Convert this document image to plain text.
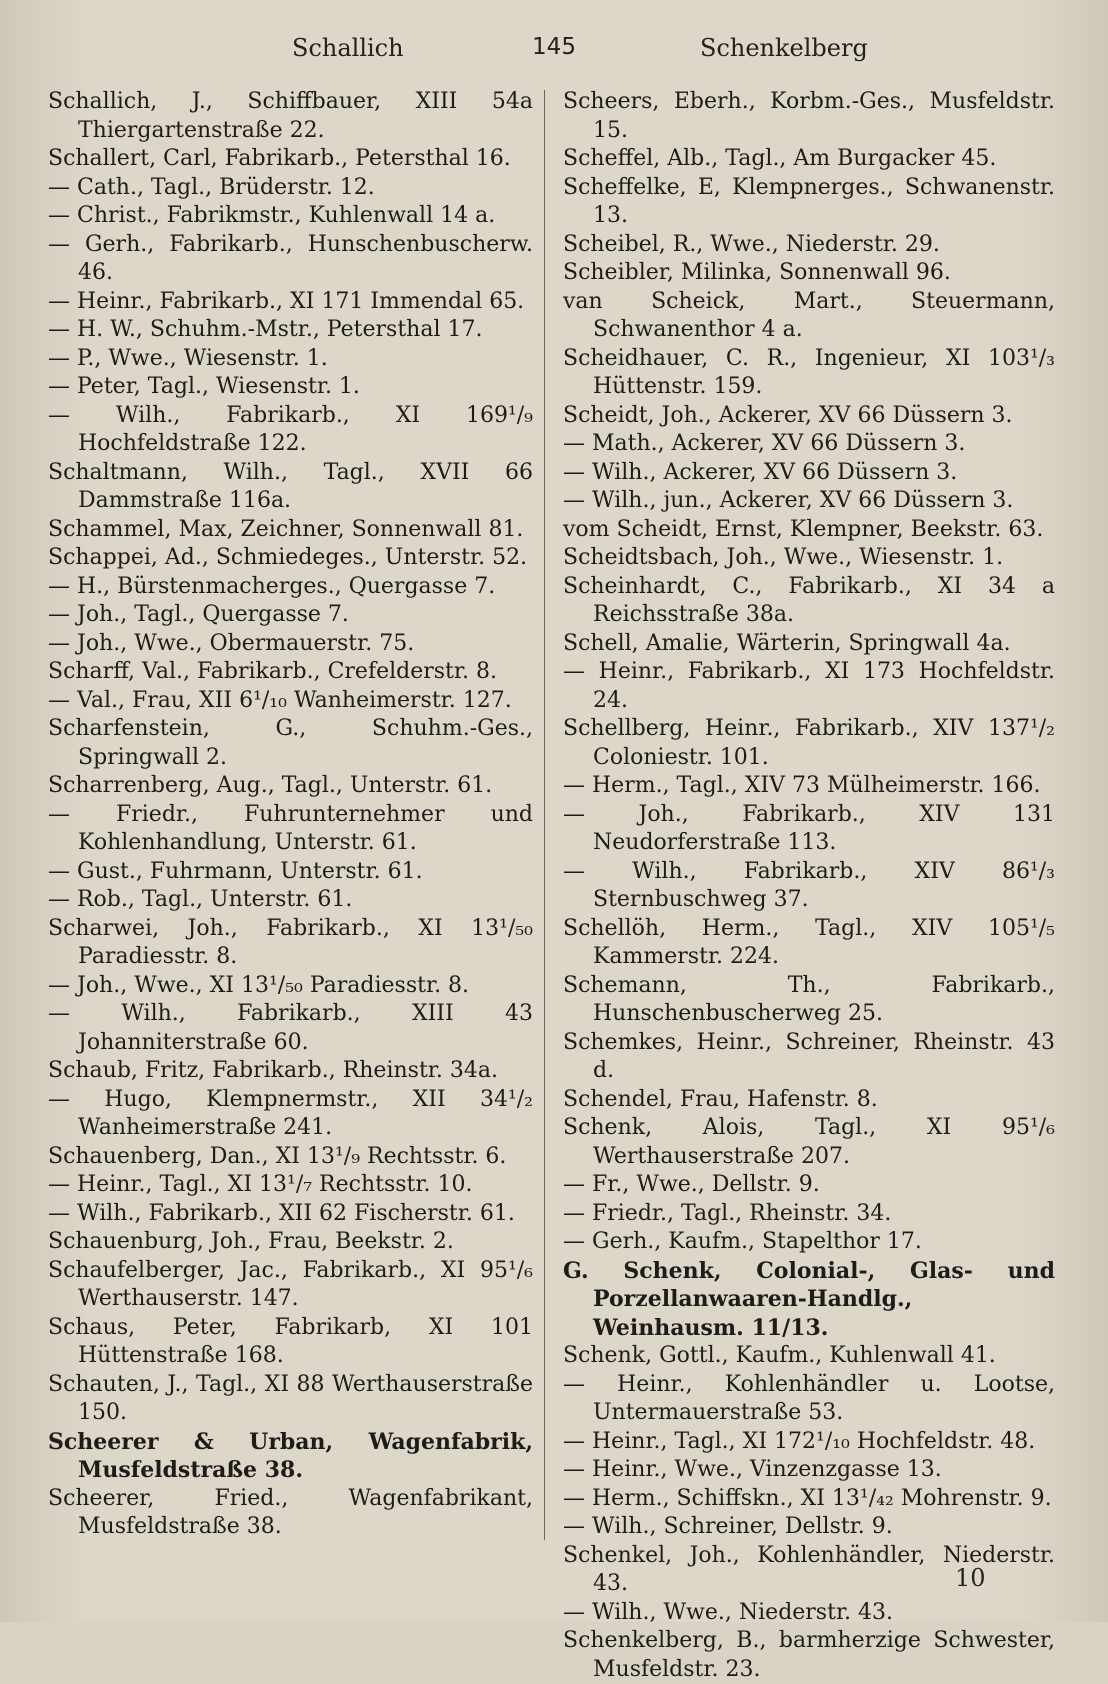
Schallich	145	Schenkelberg

Schallich, J., Schiffbauer, XIII 54a Thiergartenstraße 22.

Schallert, Carl, Fabrikarb., Petersthal 16.

— Cath., Tagl., Brüderstr. 12.

— Christ., Fabrikmstr., Kuhlenwall 14 a.

— Gerh., Fabrikarb., Hunschenbuscherw. 46.

— Heinr., Fabrikarb., XI 171 Immendal 65.

— H. W., Schuhm.-Mstr., Petersthal 17.

— P., Wwe., Wiesenstr. 1.

— Peter, Tagl., Wiesenstr. 1.

— Wilh., Fabrikarb., XI 169¹/₉ Hochfeldstraße 122.

Schaltmann, Wilh., Tagl., XVII 66 Dammstraße 116a.

Schammel, Max, Zeichner, Sonnenwall 81.

Schappei, Ad., Schmiedeges., Unterstr. 52.

— H., Bürstenmacherges., Quergasse 7.

— Joh., Tagl., Quergasse 7.

— Joh., Wwe., Obermauerstr. 75.

Scharff, Val., Fabrikarb., Crefelderstr. 8.

— Val., Frau, XII 6¹/₁₀ Wanheimerstr. 127.

Scharfenstein, G., Schuhm.-Ges., Springwall 2.

Scharrenberg, Aug., Tagl., Unterstr. 61.

— Friedr., Fuhrunternehmer und Kohlenhandlung, Unterstr. 61.

— Gust., Fuhrmann, Unterstr. 61.

— Rob., Tagl., Unterstr. 61.

Scharwei, Joh., Fabrikarb., XI 13¹/₅₀ Paradiesstr. 8.

— Joh., Wwe., XI 13¹/₅₀ Paradiesstr. 8.

— Wilh., Fabrikarb., XIII 43 Johanniterstraße 60.

Schaub, Fritz, Fabrikarb., Rheinstr. 34a.

— Hugo, Klempnermstr., XII 34¹/₂ Wanheimerstraße 241.

Schauenberg, Dan., XI 13¹/₉ Rechtsstr. 6.

— Heinr., Tagl., XI 13¹/₇ Rechtsstr. 10.

— Wilh., Fabrikarb., XII 62 Fischerstr. 61.

Schauenburg, Joh., Frau, Beekstr. 2.

Schaufelberger, Jac., Fabrikarb., XI 95¹/₆ Werthauserstr. 147.

Schaus, Peter, Fabrikarb, XI 101 Hüttenstraße 168.

Schauten, J., Tagl., XI 88 Werthauserstraße 150.

Scheerer & Urban, Wagenfabrik, Musfeldstraße 38.

Scheerer, Fried., Wagenfabrikant, Musfeldstraße 38.

Scheers, Eberh., Korbm.-Ges., Musfeldstr. 15.

Scheffel, Alb., Tagl., Am Burgacker 45.

Scheffelke, E, Klempnerges., Schwanenstr. 13.

Scheibel, R., Wwe., Niederstr. 29.

Scheibler, Milinka, Sonnenwall 96.

van Scheick, Mart., Steuermann, Schwanenthor 4 a.

Scheidhauer, C. R., Ingenieur, XI 103¹/₃ Hüttenstr. 159.

Scheidt, Joh., Ackerer, XV 66 Düssern 3.

— Math., Ackerer, XV 66 Düssern 3.

— Wilh., Ackerer, XV 66 Düssern 3.

— Wilh., jun., Ackerer, XV 66 Düssern 3.

vom Scheidt, Ernst, Klempner, Beekstr. 63.

Scheidtsbach, Joh., Wwe., Wiesenstr. 1.

Scheinhardt, C., Fabrikarb., XI 34 a Reichsstraße 38a.

Schell, Amalie, Wärterin, Springwall 4a.

— Heinr., Fabrikarb., XI 173 Hochfeldstr. 24.

Schellberg, Heinr., Fabrikarb., XIV 137¹/₂ Coloniestr. 101.

— Herm., Tagl., XIV 73 Mülheimerstr. 166.

— Joh., Fabrikarb., XIV 131 Neudorferstraße 113.

— Wilh., Fabrikarb., XIV 86¹/₃ Sternbuschweg 37.

Schellöh, Herm., Tagl., XIV 105¹/₅ Kammerstr. 224.

Schemann, Th., Fabrikarb., Hunschenbuscherweg 25.

Schemkes, Heinr., Schreiner, Rheinstr. 43 d.

Schendel, Frau, Hafenstr. 8.

Schenk, Alois, Tagl., XI 95¹/₆ Werthauserstraße 207.

— Fr., Wwe., Dellstr. 9.

— Friedr., Tagl., Rheinstr. 34.

— Gerh., Kaufm., Stapelthor 17.

G. Schenk, Colonial-, Glas- und Porzellanwaaren-Handlg., Weinhausm. 11/13.

Schenk, Gottl., Kaufm., Kuhlenwall 41.

— Heinr., Kohlenhändler u. Lootse, Untermauerstraße 53.

— Heinr., Tagl., XI 172¹/₁₀ Hochfeldstr. 48.

— Heinr., Wwe., Vinzenzgasse 13.

— Herm., Schiffskn., XI 13¹/₄₂ Mohrenstr. 9.

— Wilh., Schreiner, Dellstr. 9.

Schenkel, Joh., Kohlenhändler, Niederstr. 43.

— Wilh., Wwe., Niederstr. 43.

Schenkelberg, B., barmherzige Schwester, Musfeldstr. 23.

10
